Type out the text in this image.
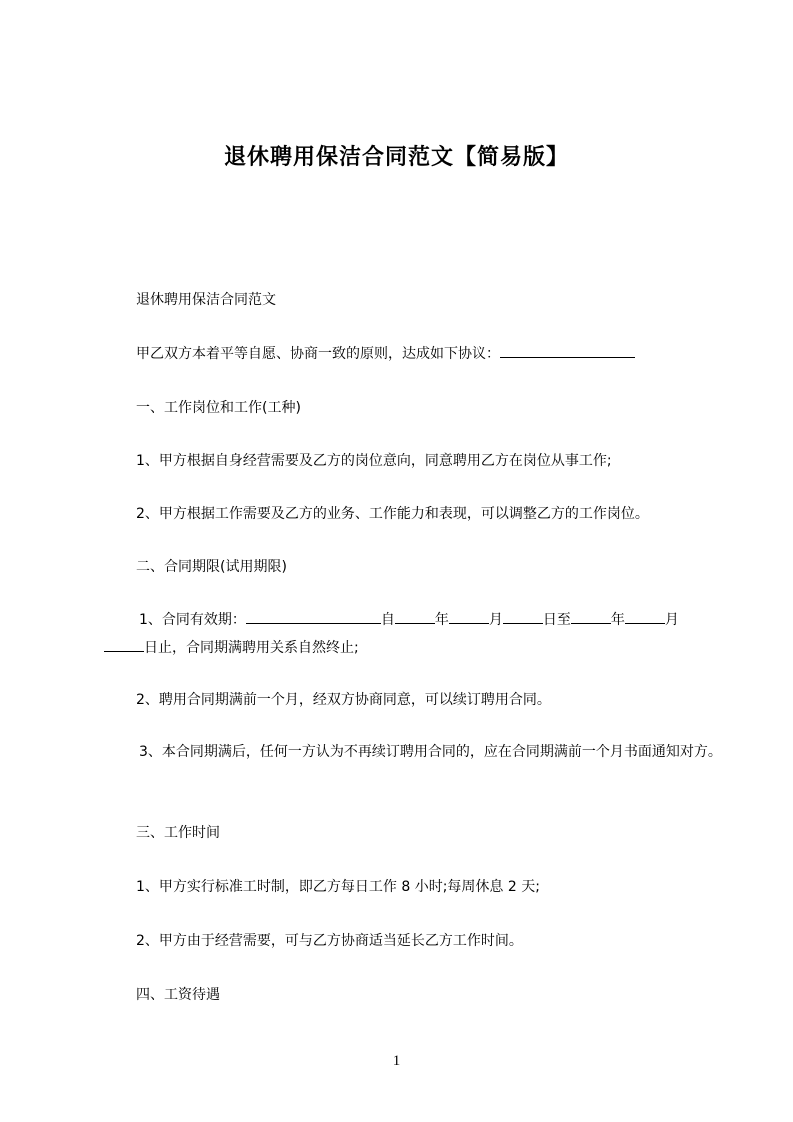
退休聘用保洁合同范文【简易版】
退休聘用保洁合同范文
甲乙双方本着平等自愿、协商一致的原则，达成如下协议：
一、工作岗位和工作(工种)
1、甲方根据自身经营需要及乙方的岗位意向，同意聘用乙方在岗位从事工作;
2、甲方根据工作需要及乙方的业务、工作能力和表现，可以调整乙方的工作岗位。
二、合同期限(试用期限)
1、合同有效期：	自	年	月	日至	年	月
日止，合同期满聘用关系自然终止;
2、聘用合同期满前一个月，经双方协商同意，可以续订聘用合同。
3、本合同期满后，任何一方认为不再续订聘用合同的，应在合同期满前一个月书面通知对方。
三、工作时间
1、甲方实行标准工时制，即乙方每日工作 8 小时;每周休息 2 天;
2、甲方由于经营需要，可与乙方协商适当延长乙方工作时间。
四、工资待遇
1
